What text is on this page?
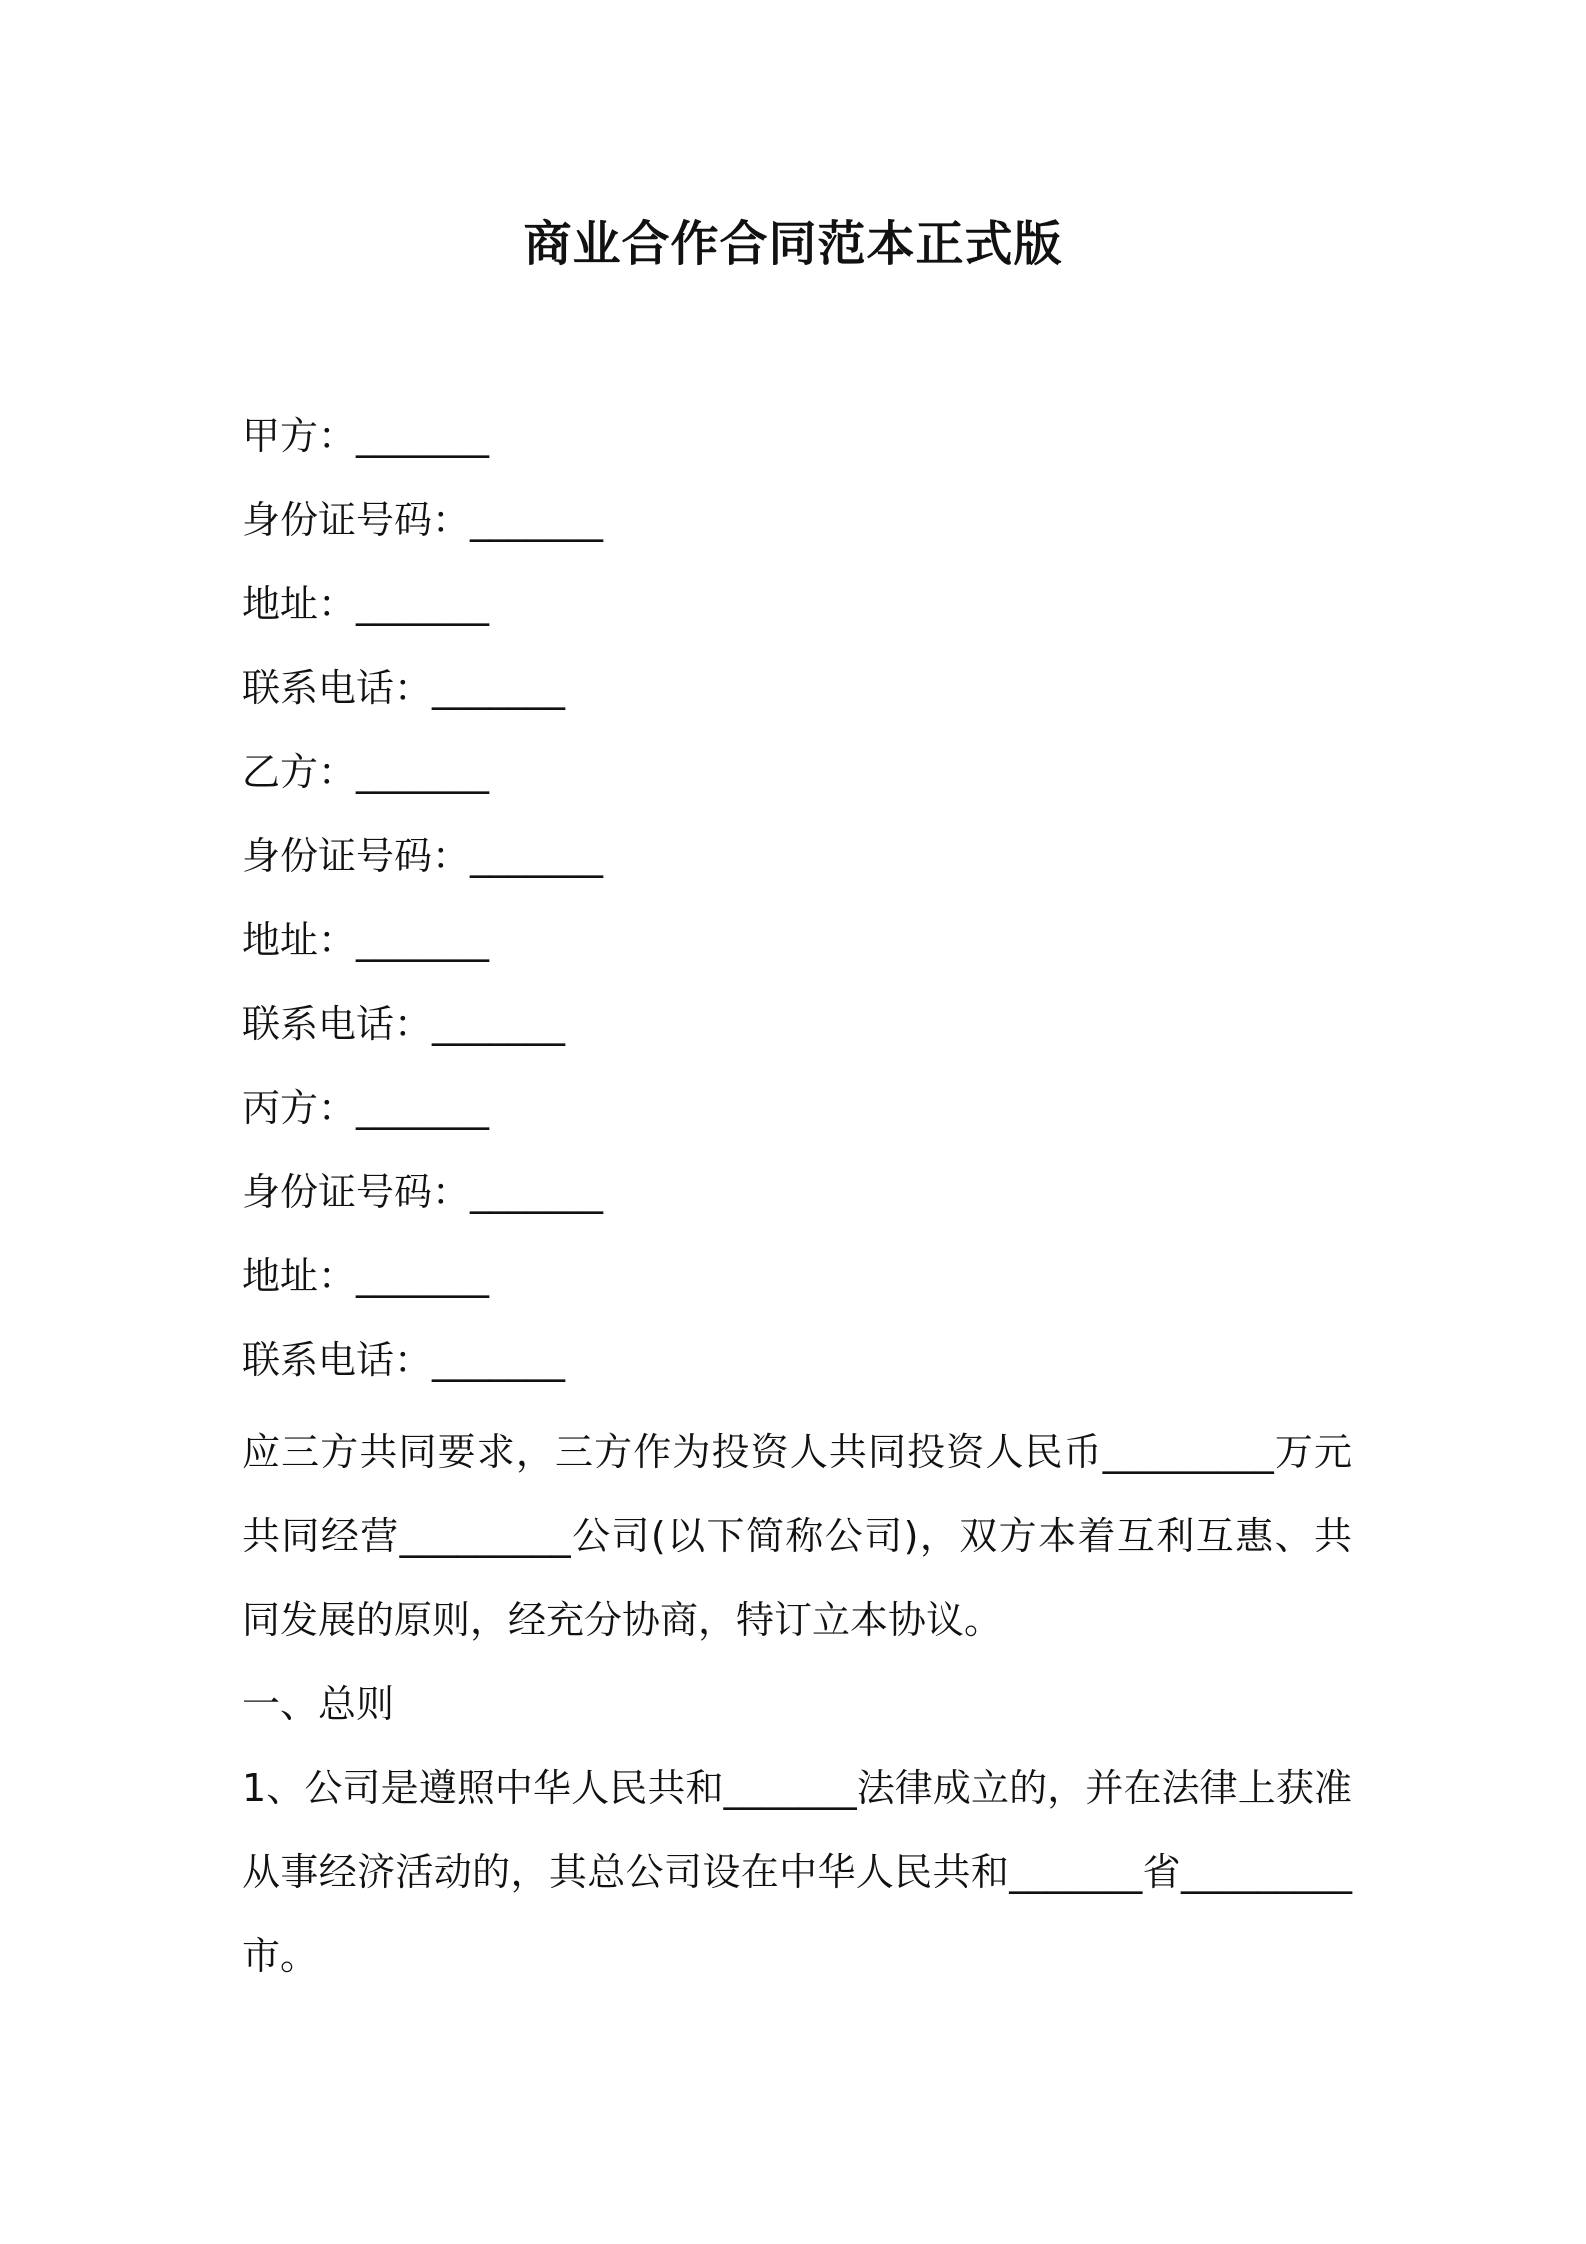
商业合作合同范本正式版
甲方：_______
身份证号码：_______
地址：_______
联系电话：_______
乙方：_______
身份证号码：_______
地址：_______
联系电话：_______
丙方：_______
身份证号码：_______
地址：_______
联系电话：_______

应三方共同要求，三方作为投资人共同投资人民币_________万元共同经营_________公司(以下简称公司)，双方本着互利互惠、共同发展的原则，经充分协商，特订立本协议。

一、总则

1、公司是遵照中华人民共和_______法律成立的，并在法律上获准从事经济活动的，其总公司设在中华人民共和_______省_________市。
